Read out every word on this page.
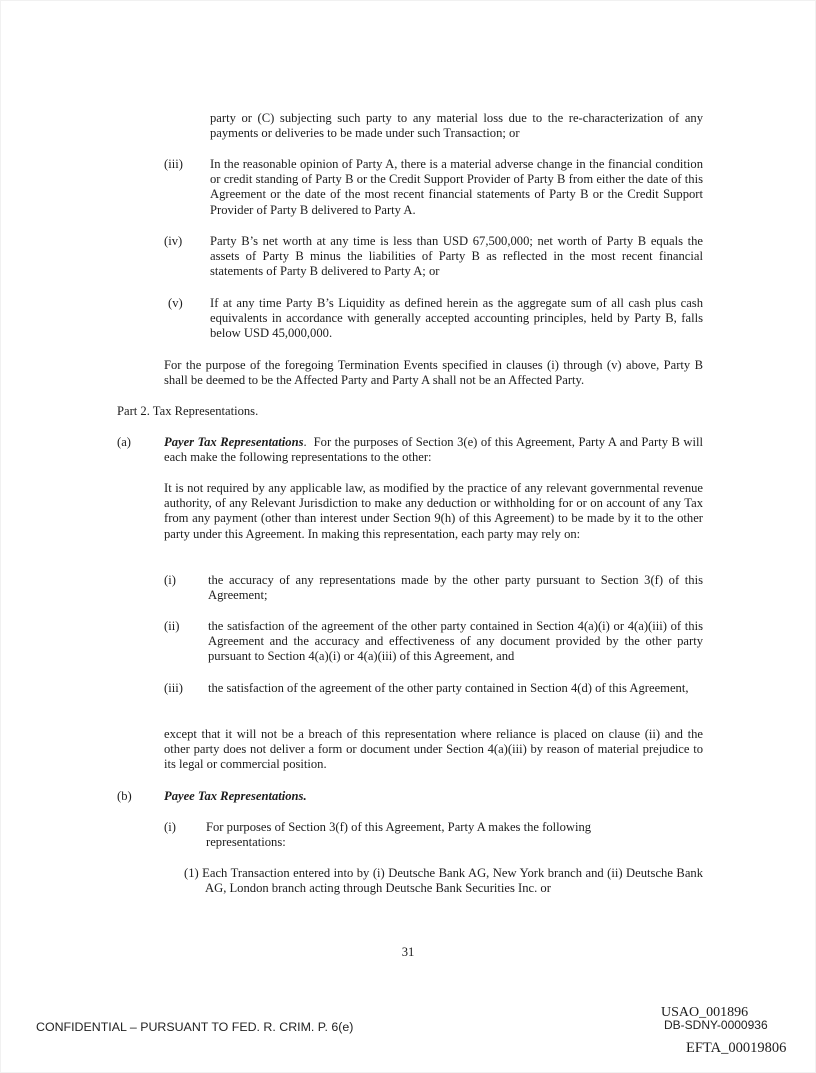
party or (C) subjecting such party to any material loss due to the re-characterization of any payments or deliveries to be made under such Transaction; or
(iii) In the reasonable opinion of Party A, there is a material adverse change in the financial condition or credit standing of Party B or the Credit Support Provider of Party B from either the date of this Agreement or the date of the most recent financial statements of Party B or the Credit Support Provider of Party B delivered to Party A.
(iv) Party B’s net worth at any time is less than USD 67,500,000; net worth of Party B equals the assets of Party B minus the liabilities of Party B as reflected in the most recent financial statements of Party B delivered to Party A; or
(v) If at any time Party B’s Liquidity as defined herein as the aggregate sum of all cash plus cash equivalents in accordance with generally accepted accounting principles, held by Party B, falls below USD 45,000,000.
For the purpose of the foregoing Termination Events specified in clauses (i) through (v) above, Party B shall be deemed to be the Affected Party and Party A shall not be an Affected Party.
Part 2. Tax Representations.
(a)	Payer Tax Representations.  For the purposes of Section 3(e) of this Agreement, Party A and Party B will each make the following representations to the other:
It is not required by any applicable law, as modified by the practice of any relevant governmental revenue authority, of any Relevant Jurisdiction to make any deduction or withholding for or on account of any Tax from any payment (other than interest under Section 9(h) of this Agreement) to be made by it to the other party under this Agreement. In making this representation, each party may rely on:
(i)	the accuracy of any representations made by the other party pursuant to Section 3(f) of this Agreement;
(ii) the satisfaction of the agreement of the other party contained in Section 4(a)(i) or 4(a)(iii) of this Agreement and the accuracy and effectiveness of any document provided by the other party pursuant to Section 4(a)(i) or 4(a)(iii) of this Agreement, and
(iii) the satisfaction of the agreement of the other party contained in Section 4(d) of this Agreement,
except that it will not be a breach of this representation where reliance is placed on clause (ii) and the other party does not deliver a form or document under Section 4(a)(iii) by reason of material prejudice to its legal or commercial position.
(b)	Payee Tax Representations.
(i) For purposes of Section 3(f) of this Agreement, Party A makes the following representations:
(1) Each Transaction entered into by (i) Deutsche Bank AG, New York branch and (ii) Deutsche Bank AG, London branch acting through Deutsche Bank Securities Inc. or
31
CONFIDENTIAL – PURSUANT TO FED. R. CRIM. P. 6(e)
USAO_001896
DB-SDNY-0000936
EFTA_00019806
